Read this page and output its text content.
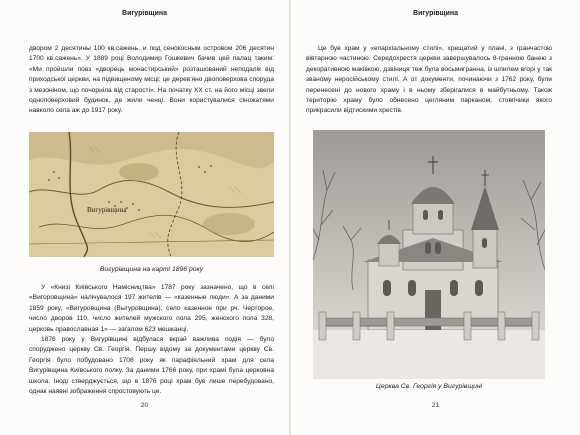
Вигурівщина

двором 2 десятины 100 кв.сажень, и под сенокосным островом 206 десятин 1700 кв.сажень». У 1889 році Володимир Гошкевич бачив цей палац таким: «Ми пройшли повз «дворець монастирський» розташований неподалік від приходської церкви, на підвищеному місці; це дерев'яно двоповерхова споруда з мезоніном, що почорніла від старості». На початку ХХ ст. на його місці звели одноповерховий будинок, де жили ченці. Вони користувалися сіножатями навколо села аж до 1917 року.

Вигурівщина
Вигурівщина на карті 1896 року

У «Книзі Київського Намісництва» 1787 року зазначено, що в селі «Вигоровщина» налічувалося 197 жителів — «казенные люди». А за даними 1859 року, «Вигуровщина (Выгуровщина), село казенное при рч. Черторое, число дворов 110, число жителей мужского пола 295, женского пола 328, церковь православная 1» — загалом 623 мешканці.

1876 року у Вигурівщині відбулася вкрай важлива подія — було споруджено церкву Св. Георгія. Першу відому за документами церкву Св. Георгія було побудовано 1708 року як парафіяльний храм для села Вигурівщина Київського полку. За даними 1766 року, при храмі була церковна школа. Іноді стверджується, що в 1876 році храм був лише перебудовано, однак наявні зображення спростовують це.

20
Вигурівщина

Це був храм у «епархіальному стилі», хрещатий у плані, з гранчастою вівтарною частиною. Середохрестя церкви завершувалось 8-гранною банею з декоративною маківкою, дзвіниця теж була восьмигранна, із шпилем вгорі у так званому неросійському стилі. А от документи, починаючи з 1762 року, були перенесені до нового храму і в ньому зберігалися в майбутньому. Також територію храму було обнесено цегляним парканом, стовпчики якого прикрасили відтискими хрестів.

Церква Св. Георгія у Вигурівщині
21
